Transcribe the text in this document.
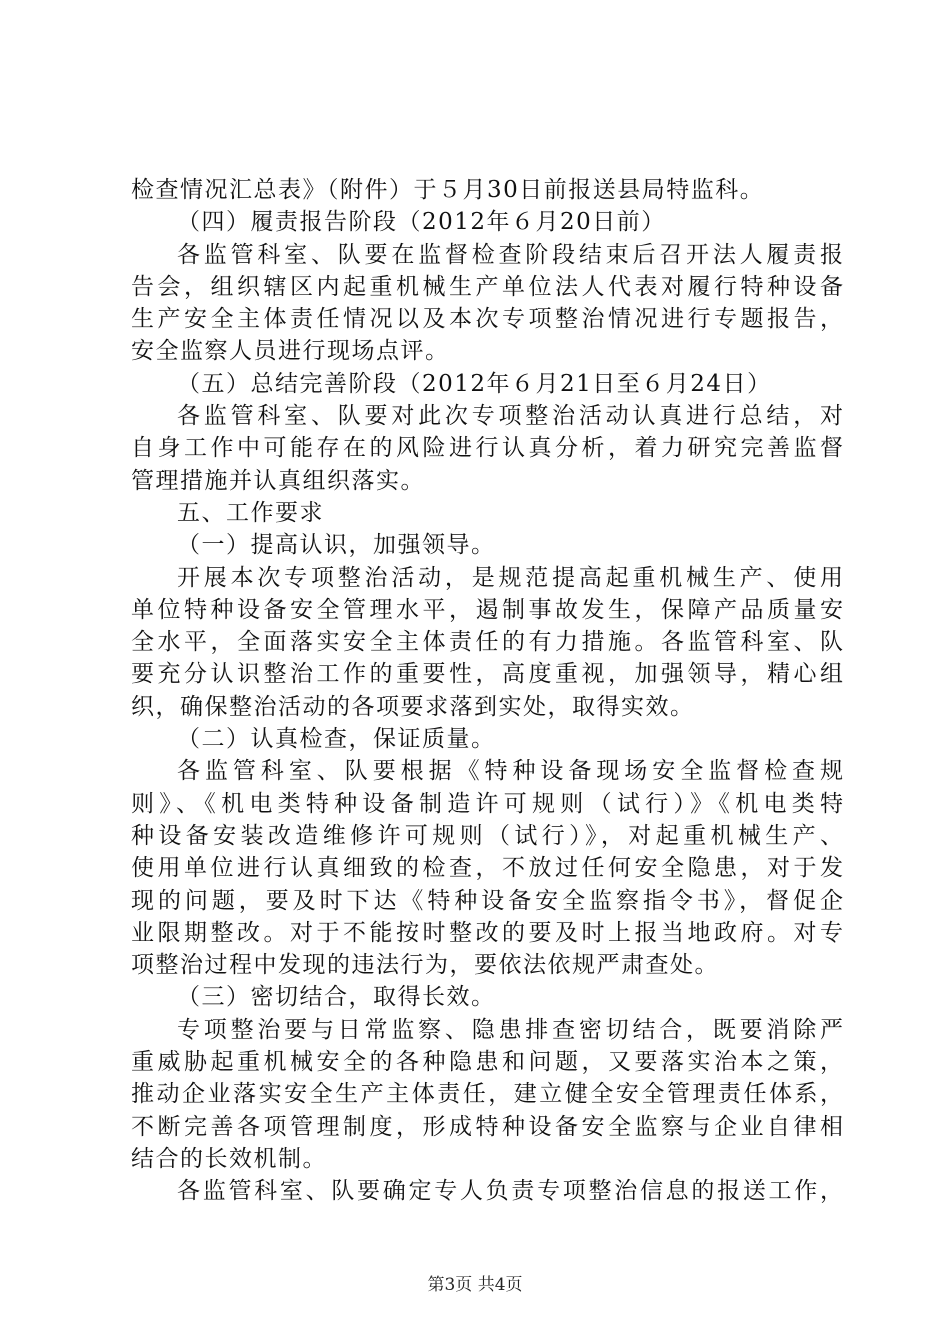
检查情况汇总表》（附件）于５月30日前报送县局特监科。
（四）履责报告阶段（2012年６月20日前）
各监管科室、队要在监督检查阶段结束后召开法人履责报
告会，组织辖区内起重机械生产单位法人代表对履行特种设备
生产安全主体责任情况以及本次专项整治情况进行专题报告，
安全监察人员进行现场点评。
（五）总结完善阶段（2012年６月21日至６月24日）
各监管科室、队要对此次专项整治活动认真进行总结，对
自身工作中可能存在的风险进行认真分析，着力研究完善监督
管理措施并认真组织落实。
五、工作要求
（一）提高认识，加强领导。
开展本次专项整治活动，是规范提高起重机械生产、使用
单位特种设备安全管理水平，遏制事故发生，保障产品质量安
全水平，全面落实安全主体责任的有力措施。各监管科室、队
要充分认识整治工作的重要性，高度重视，加强领导，精心组
织，确保整治活动的各项要求落到实处，取得实效。
（二）认真检查，保证质量。
各监管科室、队要根据《特种设备现场安全监督检查规
则》、《机电类特种设备制造许可规则（试行）》《机电类特
种设备安装改造维修许可规则（试行）》，对起重机械生产、
使用单位进行认真细致的检查，不放过任何安全隐患，对于发
现的问题，要及时下达《特种设备安全监察指令书》，督促企
业限期整改。对于不能按时整改的要及时上报当地政府。对专
项整治过程中发现的违法行为，要依法依规严肃查处。
（三）密切结合，取得长效。
专项整治要与日常监察、隐患排查密切结合，既要消除严
重威胁起重机械安全的各种隐患和问题，又要落实治本之策，
推动企业落实安全生产主体责任，建立健全安全管理责任体系，
不断完善各项管理制度，形成特种设备安全监察与企业自律相
结合的长效机制。
各监管科室、队要确定专人负责专项整治信息的报送工作，
第3页 共4页
